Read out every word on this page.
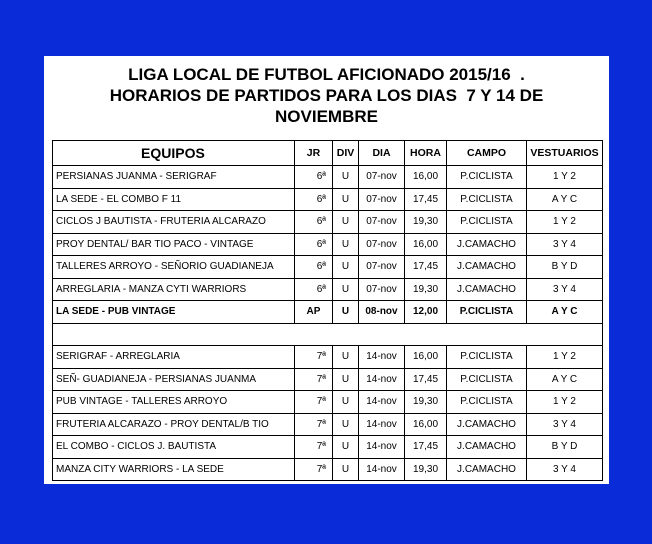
LIGA LOCAL DE FUTBOL AFICIONADO 2015/16  .
HORARIOS DE PARTIDOS PARA LOS DIAS  7 Y 14 DE
NOVIEMBRE
EQUIPOS	JR	DIV	DIA	HORA	CAMPO	VESTUARIOS
PERSIANAS JUANMA - SERIGRAF	6ª	U	07-nov	16,00	P.CICLISTA	1 Y 2
LA SEDE - EL COMBO F 11	6ª	U	07-nov	17,45	P.CICLISTA	A Y C
CICLOS J BAUTISTA - FRUTERIA ALCARAZO	6ª	U	07-nov	19,30	P.CICLISTA	1 Y 2
PROY DENTAL/ BAR TIO PACO - VINTAGE	6ª	U	07-nov	16,00	J.CAMACHO	3 Y 4
TALLERES ARROYO - SEÑORIO GUADIANEJA	6ª	U	07-nov	17,45	J.CAMACHO	B Y D
ARREGLARIA - MANZA CYTI WARRIORS	6ª	U	07-nov	19,30	J.CAMACHO	3 Y 4
LA SEDE - PUB VINTAGE	AP	U	08-nov	12,00	P.CICLISTA	A Y C

SERIGRAF - ARREGLARIA	7ª	U	14-nov	16,00	P.CICLISTA	1 Y 2
SEÑ- GUADIANEJA - PERSIANAS JUANMA	7ª	U	14-nov	17,45	P.CICLISTA	A Y C
PUB VINTAGE - TALLERES ARROYO	7ª	U	14-nov	19,30	P.CICLISTA	1 Y 2
FRUTERIA ALCARAZO - PROY DENTAL/B TIO	7ª	U	14-nov	16,00	J.CAMACHO	3 Y 4
EL COMBO - CICLOS J. BAUTISTA	7ª	U	14-nov	17,45	J.CAMACHO	B Y D
MANZA CITY WARRIORS - LA SEDE	7ª	U	14-nov	19,30	J.CAMACHO	3 Y 4
